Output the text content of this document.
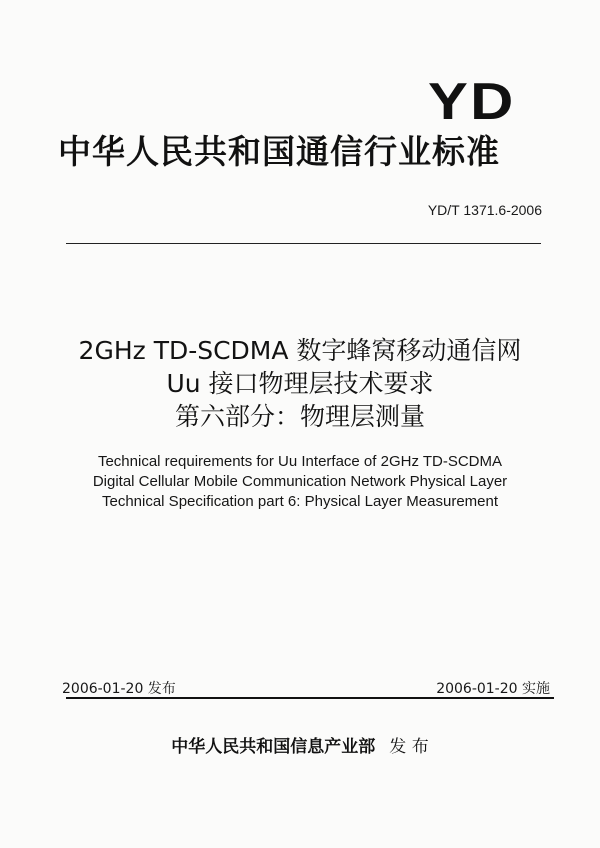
YD
中华人民共和国通信行业标准
YD/T 1371.6-2006
2GHz TD-SCDMA 数字蜂窝移动通信网
Uu 接口物理层技术要求
第六部分：物理层测量
Technical requirements for Uu Interface of 2GHz TD-SCDMA
Digital Cellular Mobile Communication Network Physical Layer
Technical Specification part 6: Physical Layer Measurement
2006-01-20 发布	2006-01-20 实施
中华人民共和国信息产业部 发 布
